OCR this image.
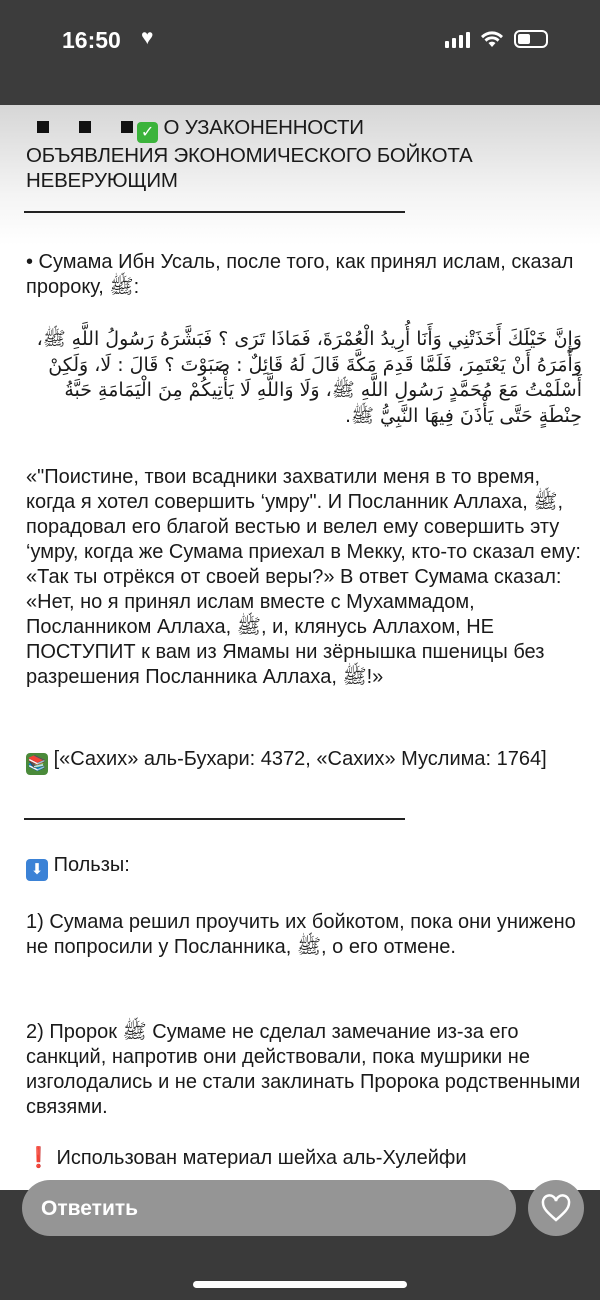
16:50 ♥
✓ О УЗАКОНЕННОСТИ
ОБЪЯВЛЕНИЯ ЭКОНОМИЧЕСКОГО БОЙКОТА
НЕВЕРУЮЩИМ
• Сумама Ибн Усаль, после того, как принял ислам, сказал пророку, ﷺ:
وَإِنَّ خَيْلَكَ أَخَذَتْنِي وَأَنَا أُرِيدُ الْعُمْرَةَ، فَمَاذَا تَرَى ؟ فَبَشَّرَهُ رَسُولُ اللَّهِ ﷺ، وَأَمَرَهُ أَنْ يَعْتَمِرَ، فَلَمَّا قَدِمَ مَكَّةَ قَالَ لَهُ قَائِلٌ : صَبَوْتَ ؟ قَالَ : لَا، وَلَكِنْ أَسْلَمْتُ مَعَ مُحَمَّدٍ رَسُولِ اللَّهِ ﷺ، وَلَا وَاللَّهِ لَا يَأْتِيكُمْ مِنَ الْيَمَامَةِ حَبَّةُ حِنْطَةٍ حَتَّى يَأْذَنَ فِيهَا النَّبِيُّ ﷺ.
«"Поистине, твои всадники захватили меня в то время, когда я хотел совершить ‘умру". И Посланник Аллаха, ﷺ, порадовал его благой вестью и велел ему совершить эту ‘умру, когда же Сумама приехал в Мекку, кто-то сказал ему: «Так ты отрёкся от своей веры?» В ответ Сумама сказал: «Нет, но я принял ислам вместе с Мухаммадом, Посланником Аллаха, ﷺ, и, клянусь Аллахом, НЕ ПОСТУПИТ к вам из Ямамы ни зёрнышка пшеницы без разрешения Посланника Аллаха, ﷺ!»
📚 [«Сахих» аль-Бухари: 4372, «Сахих» Муслима: 1764]
⬇ Пользы:
1) Сумама решил проучить их бойкотом, пока они унижено не попросили у Посланника, ﷺ, о его отмене.
2) Пророк ﷺ Сумаме не сделал замечание из-за его санкций, напротив они действовали, пока мушрики не изголодались и не стали заклинать Пророка родственными связями.
❗ Использован материал шейха аль-Хулейфи
Ответить
